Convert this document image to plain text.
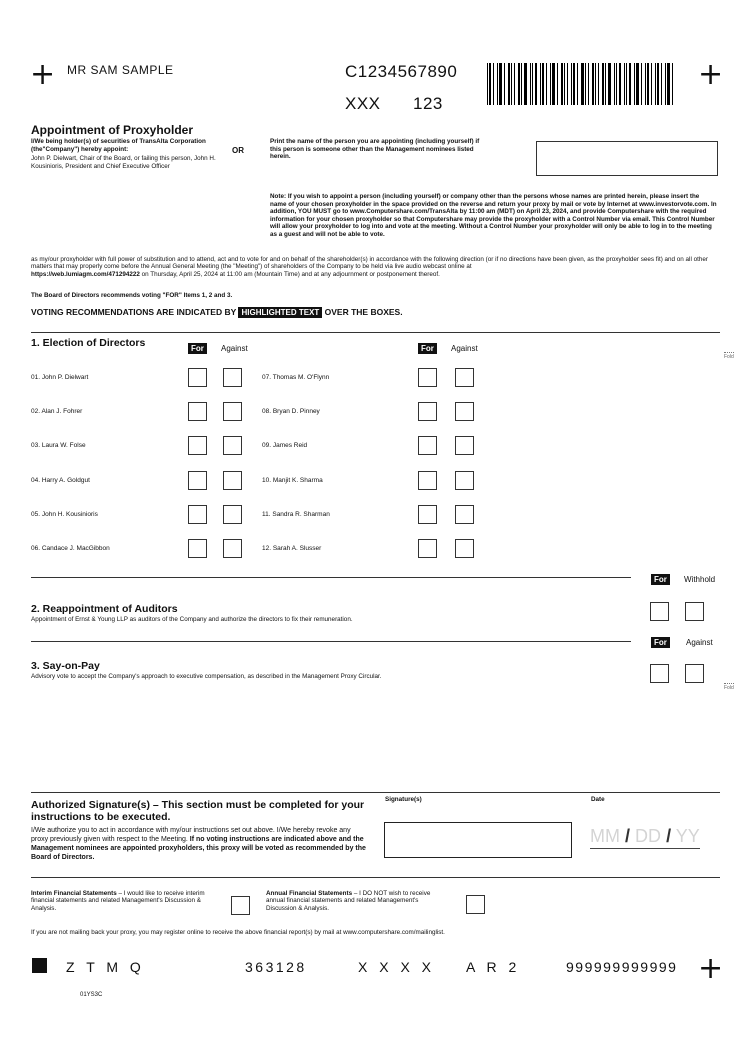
+ MR SAM SAMPLE	C1234567890
XXX 123
+
Appointment of Proxyholder
I/We being holder(s) of securities of TransAlta Corporation (the"Company") hereby appoint:
John P. Dielwart, Chair of the Board, or failing this person, John H. Kousinioris, President and Chief Executive Officer
OR
Print the name of the person you are appointing (including yourself) if this person is someone other than the Management nominees listed herein.
Note: If you wish to appoint a person (including yourself) or company other than the persons whose names are printed herein, please insert the name of your chosen proxyholder in the space provided on the reverse and return your proxy by mail or vote by Internet at www.investorvote.com. In addition, YOU MUST go to www.Computershare.com/TransAlta by 11:00 am (MDT) on April 23, 2024, and provide Computershare with the required information for your chosen proxyholder so that Computershare may provide the proxyholder with a Control Number via email. This Control Number will allow your proxyholder to log into and vote at the meeting. Without a Control Number your proxyholder will only be able to log in to the meeting as a guest and will not be able to vote.
as my/our proxyholder with full power of substitution and to attend, act and to vote for and on behalf of the shareholder(s) in accordance with the following direction (or if no directions have been given, as the proxyholder sees fit) and on all other matters that may properly come before the Annual General Meeting (the "Meeting") of shareholders of the Company to be held via live audio webcast online at
https://web.lumiagm.com/471294222 on Thursday, April 25, 2024 at 11:00 am (Mountain Time) and at any adjournment or postponement thereof.
The Board of Directors recommends voting "FOR" Items 1, 2 and 3.
VOTING RECOMMENDATIONS ARE INDICATED BY HIGHLIGHTED TEXT OVER THE BOXES.
1. Election of Directors	For	Against	For	Against
Fold
01. John P. Dielwart	07. Thomas M. O'Flynn
02. Alan J. Fohrer	08. Bryan D. Pinney
03. Laura W. Folse	09. James Reid
04. Harry A. Goldgut	10. Manjit K. Sharma
05. John H. Kousinioris	11. Sandra R. Sharman
06. Candace J. MacGibbon	12. Sarah A. Slusser
For	Withhold
2. Reappointment of Auditors
Appointment of Ernst & Young LLP as auditors of the Company and authorize the directors to fix their remuneration.
For	Against
3. Say-on-Pay
Advisory vote to accept the Company's approach to executive compensation, as described in the Management Proxy Circular.
Fold
Authorized Signature(s) – This section must be completed for your instructions to be executed.
I/We authorize you to act in accordance with my/our instructions set out above. I/We hereby revoke any proxy previously given with respect to the Meeting. If no voting instructions are indicated above and the Management nominees are appointed proxyholders, this proxy will be voted as recommended by the Board of Directors.
Signature(s)	Date
MM / DD / YY
Interim Financial Statements – I would like to receive interim financial statements and related Management's Discussion & Analysis.
Annual Financial Statements – I DO NOT wish to receive annual financial statements and related Management's Discussion & Analysis.
If you are not mailing back your proxy, you may register online to receive the above financial report(s) by mail at www.computershare.com/mailinglist.
Z T M Q	363128	X X X X A R 2	999999999999 +
01YS3C
